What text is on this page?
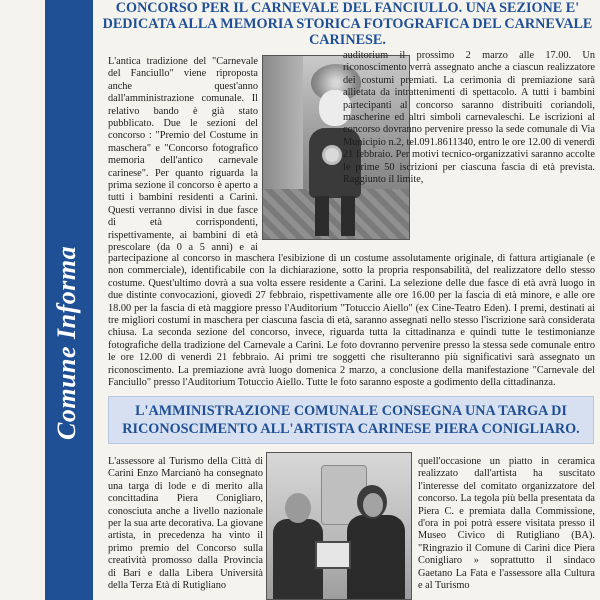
Comune Informa
CONCORSO PER IL CARNEVALE DEL FANCIULLO. UNA SEZIONE E' DEDICATA ALLA MEMORIA STORICA FOTOGRAFICA DEL CARNEVALE CARINESE.

L'antica tradizione del "Carnevale del Fanciullo" viene riproposta anche quest'anno dall'amministrazione comunale. Il relativo bando è già stato pubblicato. Due le sezioni del concorso : "Premio del Costume in maschera" e "Concorso fotografico memoria dell'antico carnevale carinese". Per quanto riguarda la prima sezione il concorso è aperto a tutti i bambini residenti a Carini. Questi verranno divisi in due fasce di età corrispondenti, rispettivamente, ai bambini di età prescolare (da 0 a 5 anni) e ai

auditorium il prossimo 2 marzo alle 17.00. Un riconoscimento verrà assegnato anche a ciascun realizzatore dei costumi premiati. La cerimonia di premiazione sarà allietata da intrattenimenti di spettacolo. A tutti i bambini partecipanti al concorso saranno distribuiti coriandoli, mascherine ed altri simboli carnevaleschi. Le iscrizioni al concorso dovranno pervenire presso la sede comunale di Via Municipio n.2, tel.091.8611340, entro le ore 12.00 di venerdì 21 febbraio. Per motivi tecnico-organizzativi saranno accolte le prime 50 iscrizioni per ciascuna fascia di età prevista. Raggiunto il limite,

partecipazione al concorso in maschera l'esibizione di un costume assolutamente originale, di fattura artigianale (e non commerciale), identificabile con la dichiarazione, sotto la propria responsabilità, del realizzatore dello stesso costume. Quest'ultimo dovrà a sua volta essere residente a Carini. La selezione delle due fasce di età avrà luogo in due distinte convocazioni, giovedì 27 febbraio, rispettivamente alle ore 16.00 per la fascia di età minore, e alle ore 18.00 per la fascia di età maggiore presso l'Auditorium "Totuccio Aiello" (ex Cine-Teatro Eden). I premi, destinati ai tre migliori costumi in maschera per ciascuna fascia di età, saranno assegnati nello stesso l'iscrizione sarà considerata chiusa. La seconda sezione del concorso, invece, riguarda tutta la cittadinanza e quindi tutte le testimonianze fotografiche della tradizione del Carnevale a Carini. Le foto dovranno pervenire presso la stessa sede comunale entro le ore 12.00 di venerdì 21 febbraio. Ai primi tre soggetti che risulteranno più significativi sarà assegnato un riconoscimento. La premiazione avrà luogo domenica 2 marzo, a conclusione della manifestazione "Carnevale del Fanciullo" presso l'Auditorium Totuccio Aiello. Tutte le foto saranno esposte a godimento della cittadinanza.

L'AMMINISTRAZIONE COMUNALE CONSEGNA UNA TARGA DI RICONOSCIMENTO ALL'ARTISTA CARINESE PIERA CONIGLIARO.

L'assessore al Turismo della Città di Carini Enzo Marcianò ha consegnato una targa di lode e di merito alla concittadina Piera Conigliaro, conosciuta anche a livello nazionale per la sua arte decorativa. La giovane artista, in precedenza ha vinto il primo premio del Concorso sulla creatività promosso dalla Provincia di Bari e dalla Libera Università della Terza Età di Rutigliano

quell'occasione un piatto in ceramica realizzato dall'artista ha suscitato l'interesse del comitato organizzatore del concorso. La tegola più bella presentata da Piera C. e premiata dalla Commissione, d'ora in poi potrà essere visitata presso il Museo Civico di Rutigliano (BA). "Ringrazio il Comune di Carini dice Piera Conigliaro » soprattutto il sindaco Gaetano La Fata e l'assessore alla Cultura e al Turismo
